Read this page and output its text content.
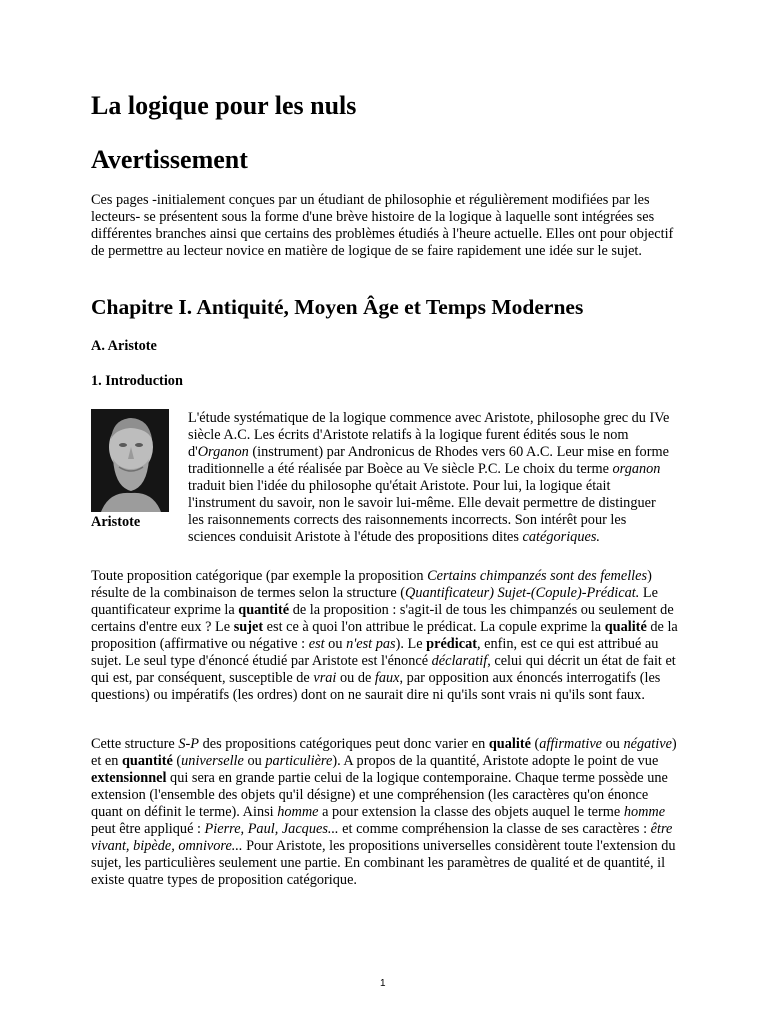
La logique pour les nuls
Avertissement

Ces pages -initialement conçues par un étudiant de philosophie et régulièrement modifiées par les lecteurs- se présentent sous la forme d'une brève histoire de la logique à laquelle sont intégrées ses différentes branches ainsi que certains des problèmes étudiés à l'heure actuelle. Elles ont pour objectif de permettre au lecteur novice en matière de logique de se faire rapidement une idée sur le sujet.

Chapitre I. Antiquité, Moyen Âge et Temps Modernes

A. Aristote

1. Introduction

Aristote

L'étude systématique de la logique commence avec Aristote, philosophe grec du IVe siècle A.C. Les écrits d'Aristote relatifs à la logique furent édités sous le nom d'Organon (instrument) par Andronicus de Rhodes vers 60 A.C. Leur mise en forme traditionnelle a été réalisée par Boèce au Ve siècle P.C. Le choix du terme organon traduit bien l'idée du philosophe qu'était Aristote. Pour lui, la logique était l'instrument du savoir, non le savoir lui-même. Elle devait permettre de distinguer les raisonnements corrects des raisonnements incorrects. Son intérêt pour les sciences conduisit Aristote à l'étude des propositions dites catégoriques.

Toute proposition catégorique (par exemple la proposition Certains chimpanzés sont des femelles) résulte de la combinaison de termes selon la structure (Quantificateur) Sujet-(Copule)-Prédicat. Le quantificateur exprime la quantité de la proposition : s'agit-il de tous les chimpanzés ou seulement de certains d'entre eux ? Le sujet est ce à quoi l'on attribue le prédicat. La copule exprime la qualité de la proposition (affirmative ou négative : est ou n'est pas). Le prédicat, enfin, est ce qui est attribué au sujet. Le seul type d'énoncé étudié par Aristote est l'énoncé déclaratif, celui qui décrit un état de fait et qui est, par conséquent, susceptible de vrai ou de faux, par opposition aux énoncés interrogatifs (les questions) ou impératifs (les ordres) dont on ne saurait dire ni qu'ils sont vrais ni qu'ils sont faux.

Cette structure S-P des propositions catégoriques peut donc varier en qualité (affirmative ou négative) et en quantité (universelle ou particulière). A propos de la quantité, Aristote adopte le point de vue extensionnel qui sera en grande partie celui de la logique contemporaine. Chaque terme possède une extension (l'ensemble des objets qu'il désigne) et une compréhension (les caractères qu'on énonce quant on définit le terme). Ainsi homme a pour extension la classe des objets auquel le terme homme peut être appliqué : Pierre, Paul, Jacques... et comme compréhension la classe de ses caractères : être vivant, bipède, omnivore... Pour Aristote, les propositions universelles considèrent toute l'extension du sujet, les particulières seulement une partie. En combinant les paramètres de qualité et de quantité, il existe quatre types de proposition catégorique.

1
